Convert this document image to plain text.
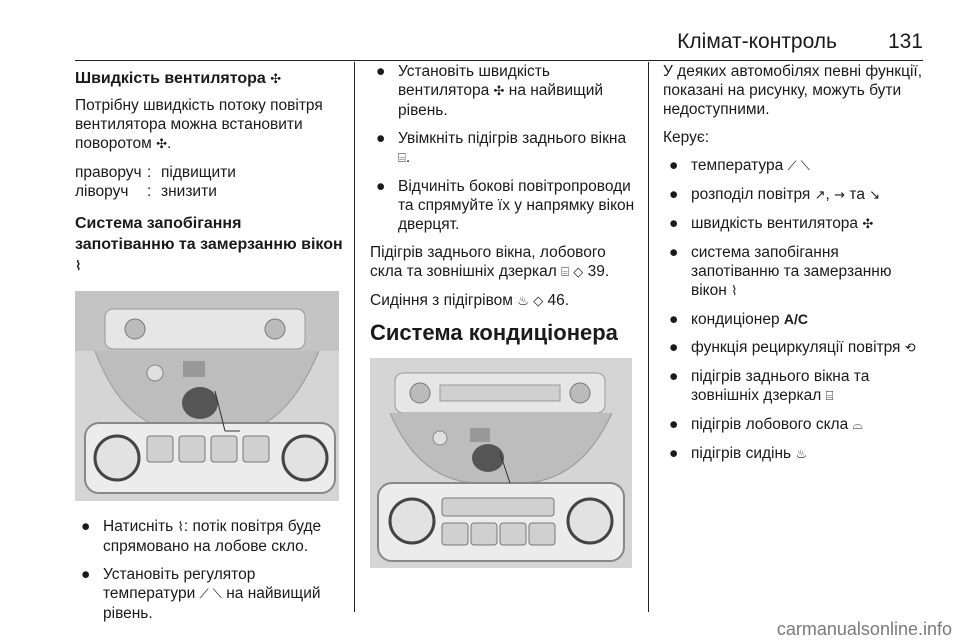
Клімат-контроль 131
Швидкість вентилятора ✣

Потрібну швидкість потоку повітря вентилятора можна встановити поворотом ✣.

праворуч : підвищити
ліворуч	: знизити
Система запобігання запотіванню та замерзанню вікон ⌇
● Натисніть ⌇: потік повітря буде спрямовано на лобове скло.
● Установіть регулятор температури ⟋ ⟍ на найвищий рівень.
● Установіть швидкість вентилятора ✣ на найвищий рівень.
● Увімкніть підігрів заднього вікна ⌸.
● Відчиніть бокові повітропроводи та спрямуйте їх у напрямку вікон дверцят.

Підігрів заднього вікна, лобового скла та зовнішніх дзеркал ⌸ ◇ 39.

Сидіння з підігрівом ♨ ◇ 46.

Система кондиціонера

У деяких автомобілях певні функції, показані на рисунку, можуть бути недоступними.

Керує:

● температура ⟋ ⟍
● розподіл повітря ↗, → та ↘
● швидкість вентилятора ✣
● система запобігання запотіванню та замерзанню вікон ⌇
● кондиціонер A/C
● функція рециркуляції повітря ⟲
● підігрів заднього вікна та зовнішніх дзеркал ⌸
● підігрів лобового скла ⌓
● підігрів сидінь ♨
carmanualsonline.info
